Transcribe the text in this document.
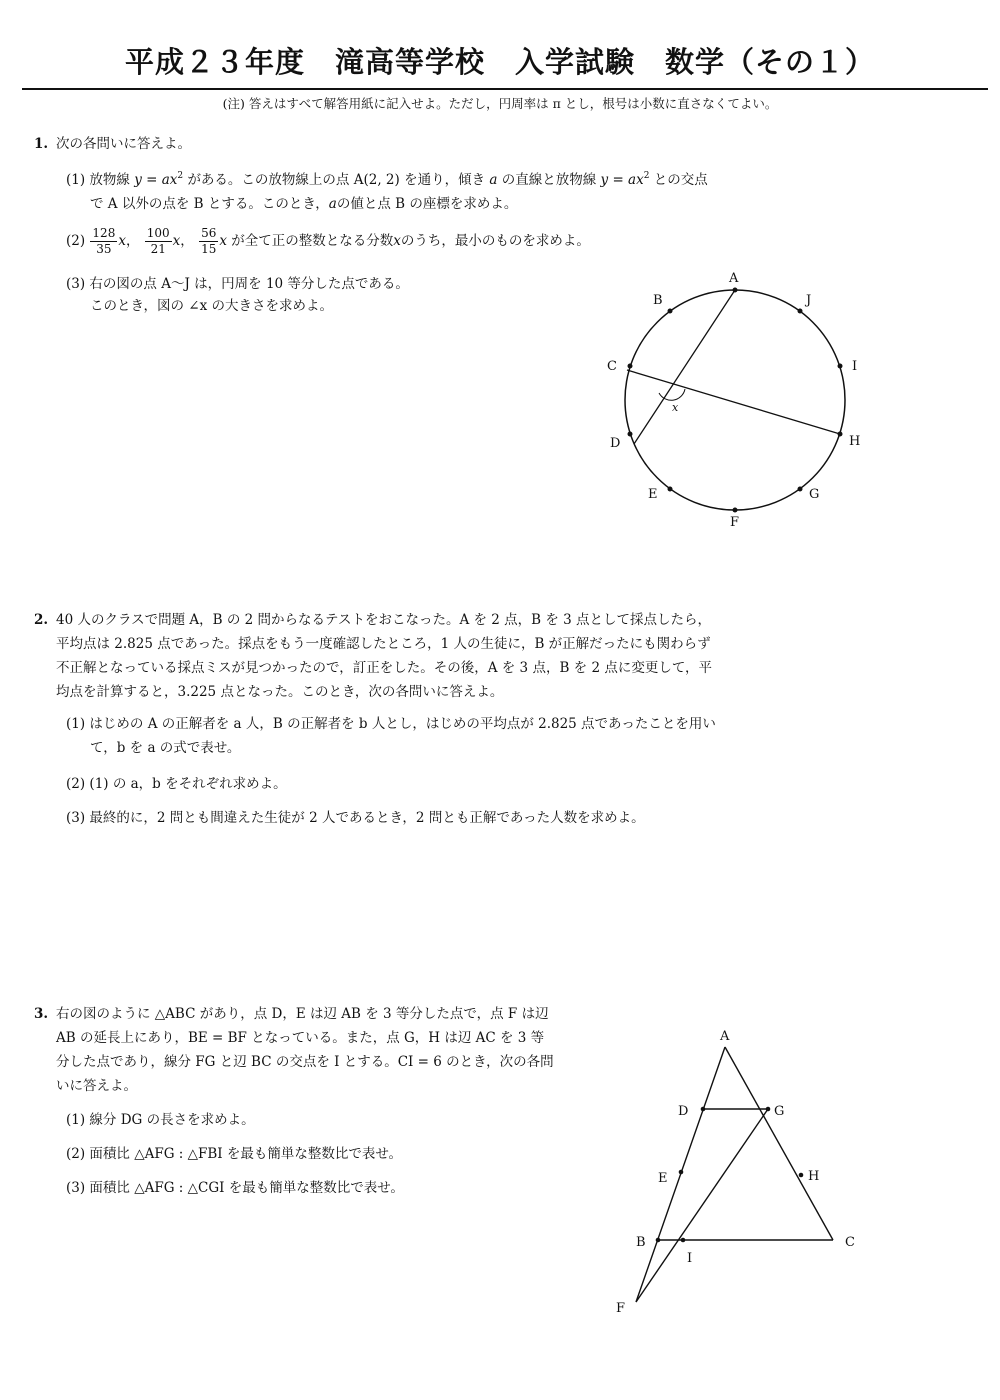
平成２３年度　滝高等学校　入学試験　数学（その１）
(注) 答えはすべて解答用紙に記入せよ。ただし，円周率は π とし，根号は小数に直さなくてよい。
1. 次の各問いに答えよ。
(1) 放物線 $y = ax^2$ がある。この放物線上の点 A(2, 2) を通り，傾き a の直線と放物線 $y = ax^2$ との交点
で A 以外の点を B とする。このとき，aの値と点 B の座標を求めよ。
$(2) \frac{128}{35}$ x， $\frac{100}{21}$ x， $\frac{56}{15}$ x が全て正の整数となる分数xのうち，最小のものを求めよ。
(3) 右の図の点 A〜J は，円周を 10 等分した点である。
このとき，図の ∠x の大きさを求めよ。
A
B
C
D
E
F
G
H
I
J
x
2. 40 人のクラスで問題 A，B の 2 問からなるテストをおこなった。A を 2 点，B を 3 点として採点したら，
平均点は 2.825 点であった。採点をもう一度確認したところ，1 人の生徒に，B が正解だったにも関わらず
不正解となっている採点ミスが見つかったので，訂正をした。その後，A を 3 点，B を 2 点に変更して，平
均点を計算すると，3.225 点となった。このとき，次の各問いに答えよ。
(1) はじめの A の正解者を a 人，B の正解者を b 人とし，はじめの平均点が 2.825 点であったことを用い
て，b を a の式で表せ。
(2) (1) の a，b をそれぞれ求めよ。
(3) 最終的に，2 問とも間違えた生徒が 2 人であるとき，2 問とも正解であった人数を求めよ。
3. 右の図のように △ABC があり，点 D，E は辺 AB を 3 等分した点で，点 F は辺
AB の延長上にあり，BE = BF となっている。また，点 G，H は辺 AC を 3 等
分した点であり，線分 FG と辺 BC の交点を I とする。CI = 6 のとき，次の各問
いに答えよ。
(1) 線分 DG の長さを求めよ。
(2) 面積比 △AFG : △FBI を最も簡単な整数比で表せ。
(3) 面積比 △AFG : △CGI を最も簡単な整数比で表せ。
A
D	G
E	H
B	C
I
F
